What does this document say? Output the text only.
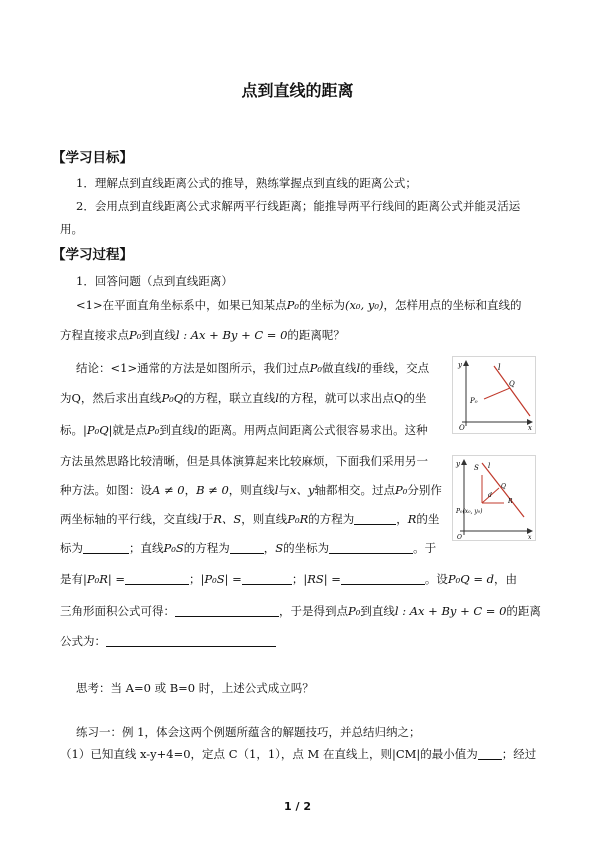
点到直线的距离
【学习目标】
1．理解点到直线距离公式的推导，熟练掌握点到直线的距离公式；
2．会用点到直线距离公式求解两平行线距离；能推导两平行线间的距离公式并能灵活运
用。
【学习过程】
1．回答问题（点到直线距离）
<1>在平面直角坐标系中，如果已知某点P₀的坐标为(x₀, y₀)，怎样用点的坐标和直线的
方程直接求点P₀到直线l : Ax + By + C = 0的距离呢？
结论：<1>通常的方法是如图所示，我们过点P₀做直线l的垂线，交点
为Q，然后求出直线P₀Q的方程，联立直线l的方程，就可以求出点Q的坐
标。|P₀Q|就是点P₀到直线l的距离。用两点间距离公式很容易求出。这种
方法虽然思路比较清晰，但是具体演算起来比较麻烦，下面我们采用另一
种方法。如图：设A ≠ 0，B ≠ 0，则直线l与x、y轴都相交。过点P₀分别作
两坐标轴的平行线，交直线l于R、S，则直线P₀R的方程为	，R的坐
标为	；直线P₀S的方程为	，S的坐标为	。于
是有|P₀R| =	；|P₀S| =	；|RS| =	。设P₀Q = d，由
三角形面积公式可得：	，于是得到点P₀到直线l : Ax + By + C = 0的距离
公式为：
思考：当 A=0 或 B=0 时，上述公式成立吗？
练习一：例 1，体会这两个例题所蕴含的解题技巧，并总结归纳之；
（1）已知直线 x-y+4=0，定点 C（1，1），点 M 在直线上，则|CM|的最小值为 ；经过
y	l
Q
P₀
O	x
y S l
d
Q
R
P₀(x₀, y₀)
O	x
1 / 2
